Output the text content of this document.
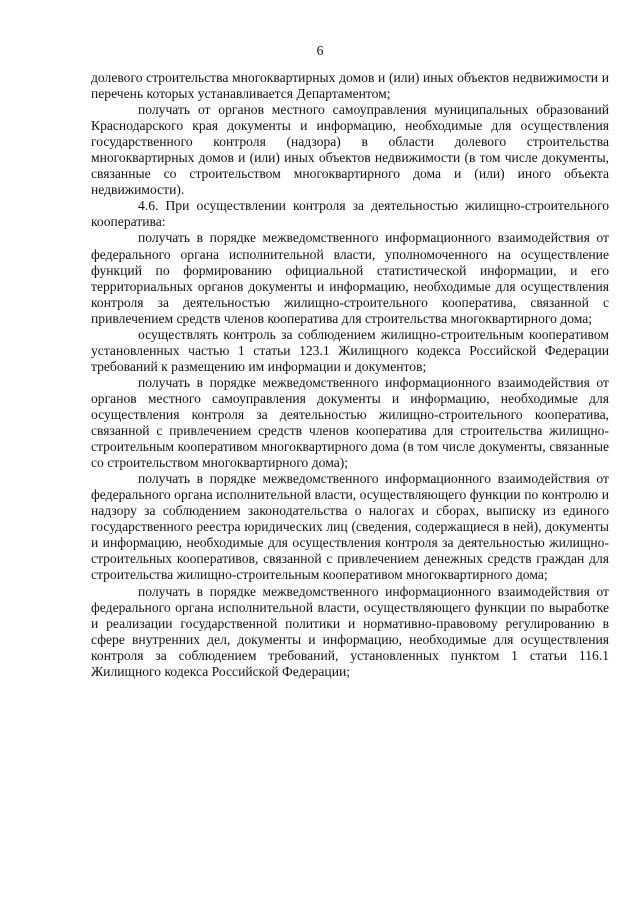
6

долевого строительства многоквартирных домов и (или) иных объектов недвижимости и перечень которых устанавливается Департаментом;

получать от органов местного самоуправления муниципальных образований Краснодарского края документы и информацию, необходимые для осуществления государственного контроля (надзора) в области долевого строительства многоквартирных домов и (или) иных объектов недвижимости (в том числе документы, связанные со строительством многоквартирного дома и (или) иного объекта недвижимости).

4.6. При осуществлении контроля за деятельностью жилищно-строительного кооператива:

получать в порядке межведомственного информационного взаимодействия от федерального органа исполнительной власти, уполномоченного на осуществление функций по формированию официальной статистической информации, и его территориальных органов документы и информацию, необходимые для осуществления контроля за деятельностью жилищно-строительного кооператива, связанной с привлечением средств членов кооператива для строительства многоквартирного дома;

осуществлять контроль за соблюдением жилищно-строительным кооперативом установленных частью 1 статьи 123.1 Жилищного кодекса Российской Федерации требований к размещению им информации и документов;

получать в порядке межведомственного информационного взаимодействия от органов местного самоуправления документы и информацию, необходимые для осуществления контроля за деятельностью жилищно-строительного кооператива, связанной с привлечением средств членов кооператива для строительства жилищно-строительным кооперативом многоквартирного дома (в том числе документы, связанные со строительством многоквартирного дома);

получать в порядке межведомственного информационного взаимодействия от федерального органа исполнительной власти, осуществляющего функции по контролю и надзору за соблюдением законодательства о налогах и сборах, выписку из единого государственного реестра юридических лиц (сведения, содержащиеся в ней), документы и информацию, необходимые для осуществления контроля за деятельностью жилищно-строительных кооперативов, связанной с привлечением денежных средств граждан для строительства жилищно-строительным кооперативом многоквартирного дома;

получать в порядке межведомственного информационного взаимодействия от федерального органа исполнительной власти, осуществляющего функции по выработке и реализации государственной политики и нормативно-правовому регулированию в сфере внутренних дел, документы и информацию, необходимые для осуществления контроля за соблюдением требований, установленных пунктом 1 статьи 116.1 Жилищного кодекса Российской Федерации;
